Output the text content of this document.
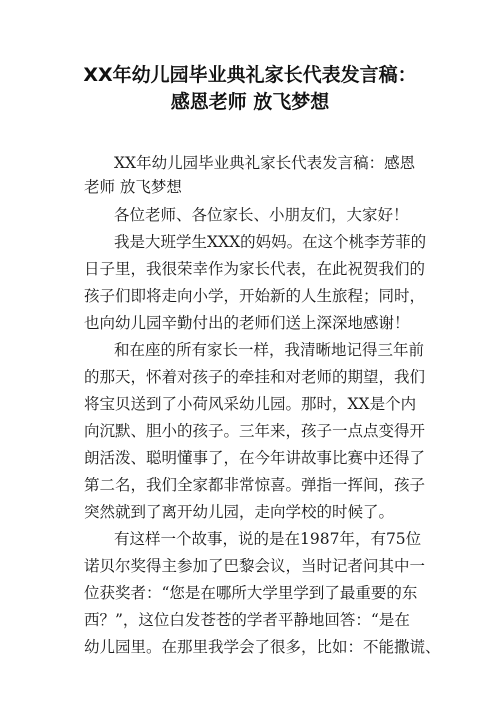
XX年幼儿园毕业典礼家长代表发言稿：
感恩老师 放飞梦想
XX年幼儿园毕业典礼家长代表发言稿：感恩
老师 放飞梦想
各位老师、各位家长、小朋友们，大家好！
我是大班学生XXX的妈妈。在这个桃李芳菲的
日子里，我很荣幸作为家长代表，在此祝贺我们的
孩子们即将走向小学，开始新的人生旅程；同时，
也向幼儿园辛勤付出的老师们送上深深地感谢！
和在座的所有家长一样，我清晰地记得三年前
的那天，怀着对孩子的牵挂和对老师的期望，我们
将宝贝送到了小荷风采幼儿园。那时，XX是个内
向沉默、胆小的孩子。三年来，孩子一点点变得开
朗活泼、聪明懂事了，在今年讲故事比赛中还得了
第二名，我们全家都非常惊喜。弹指一挥间，孩子
突然就到了离开幼儿园，走向学校的时候了。
有这样一个故事，说的是在1987年，有75位
诺贝尔奖得主参加了巴黎会议，当时记者问其中一
位获奖者：“您是在哪所大学里学到了最重要的东
西？”，这位白发苍苍的学者平静地回答：“是在
幼儿园里。在那里我学会了很多，比如：不能撒谎、
